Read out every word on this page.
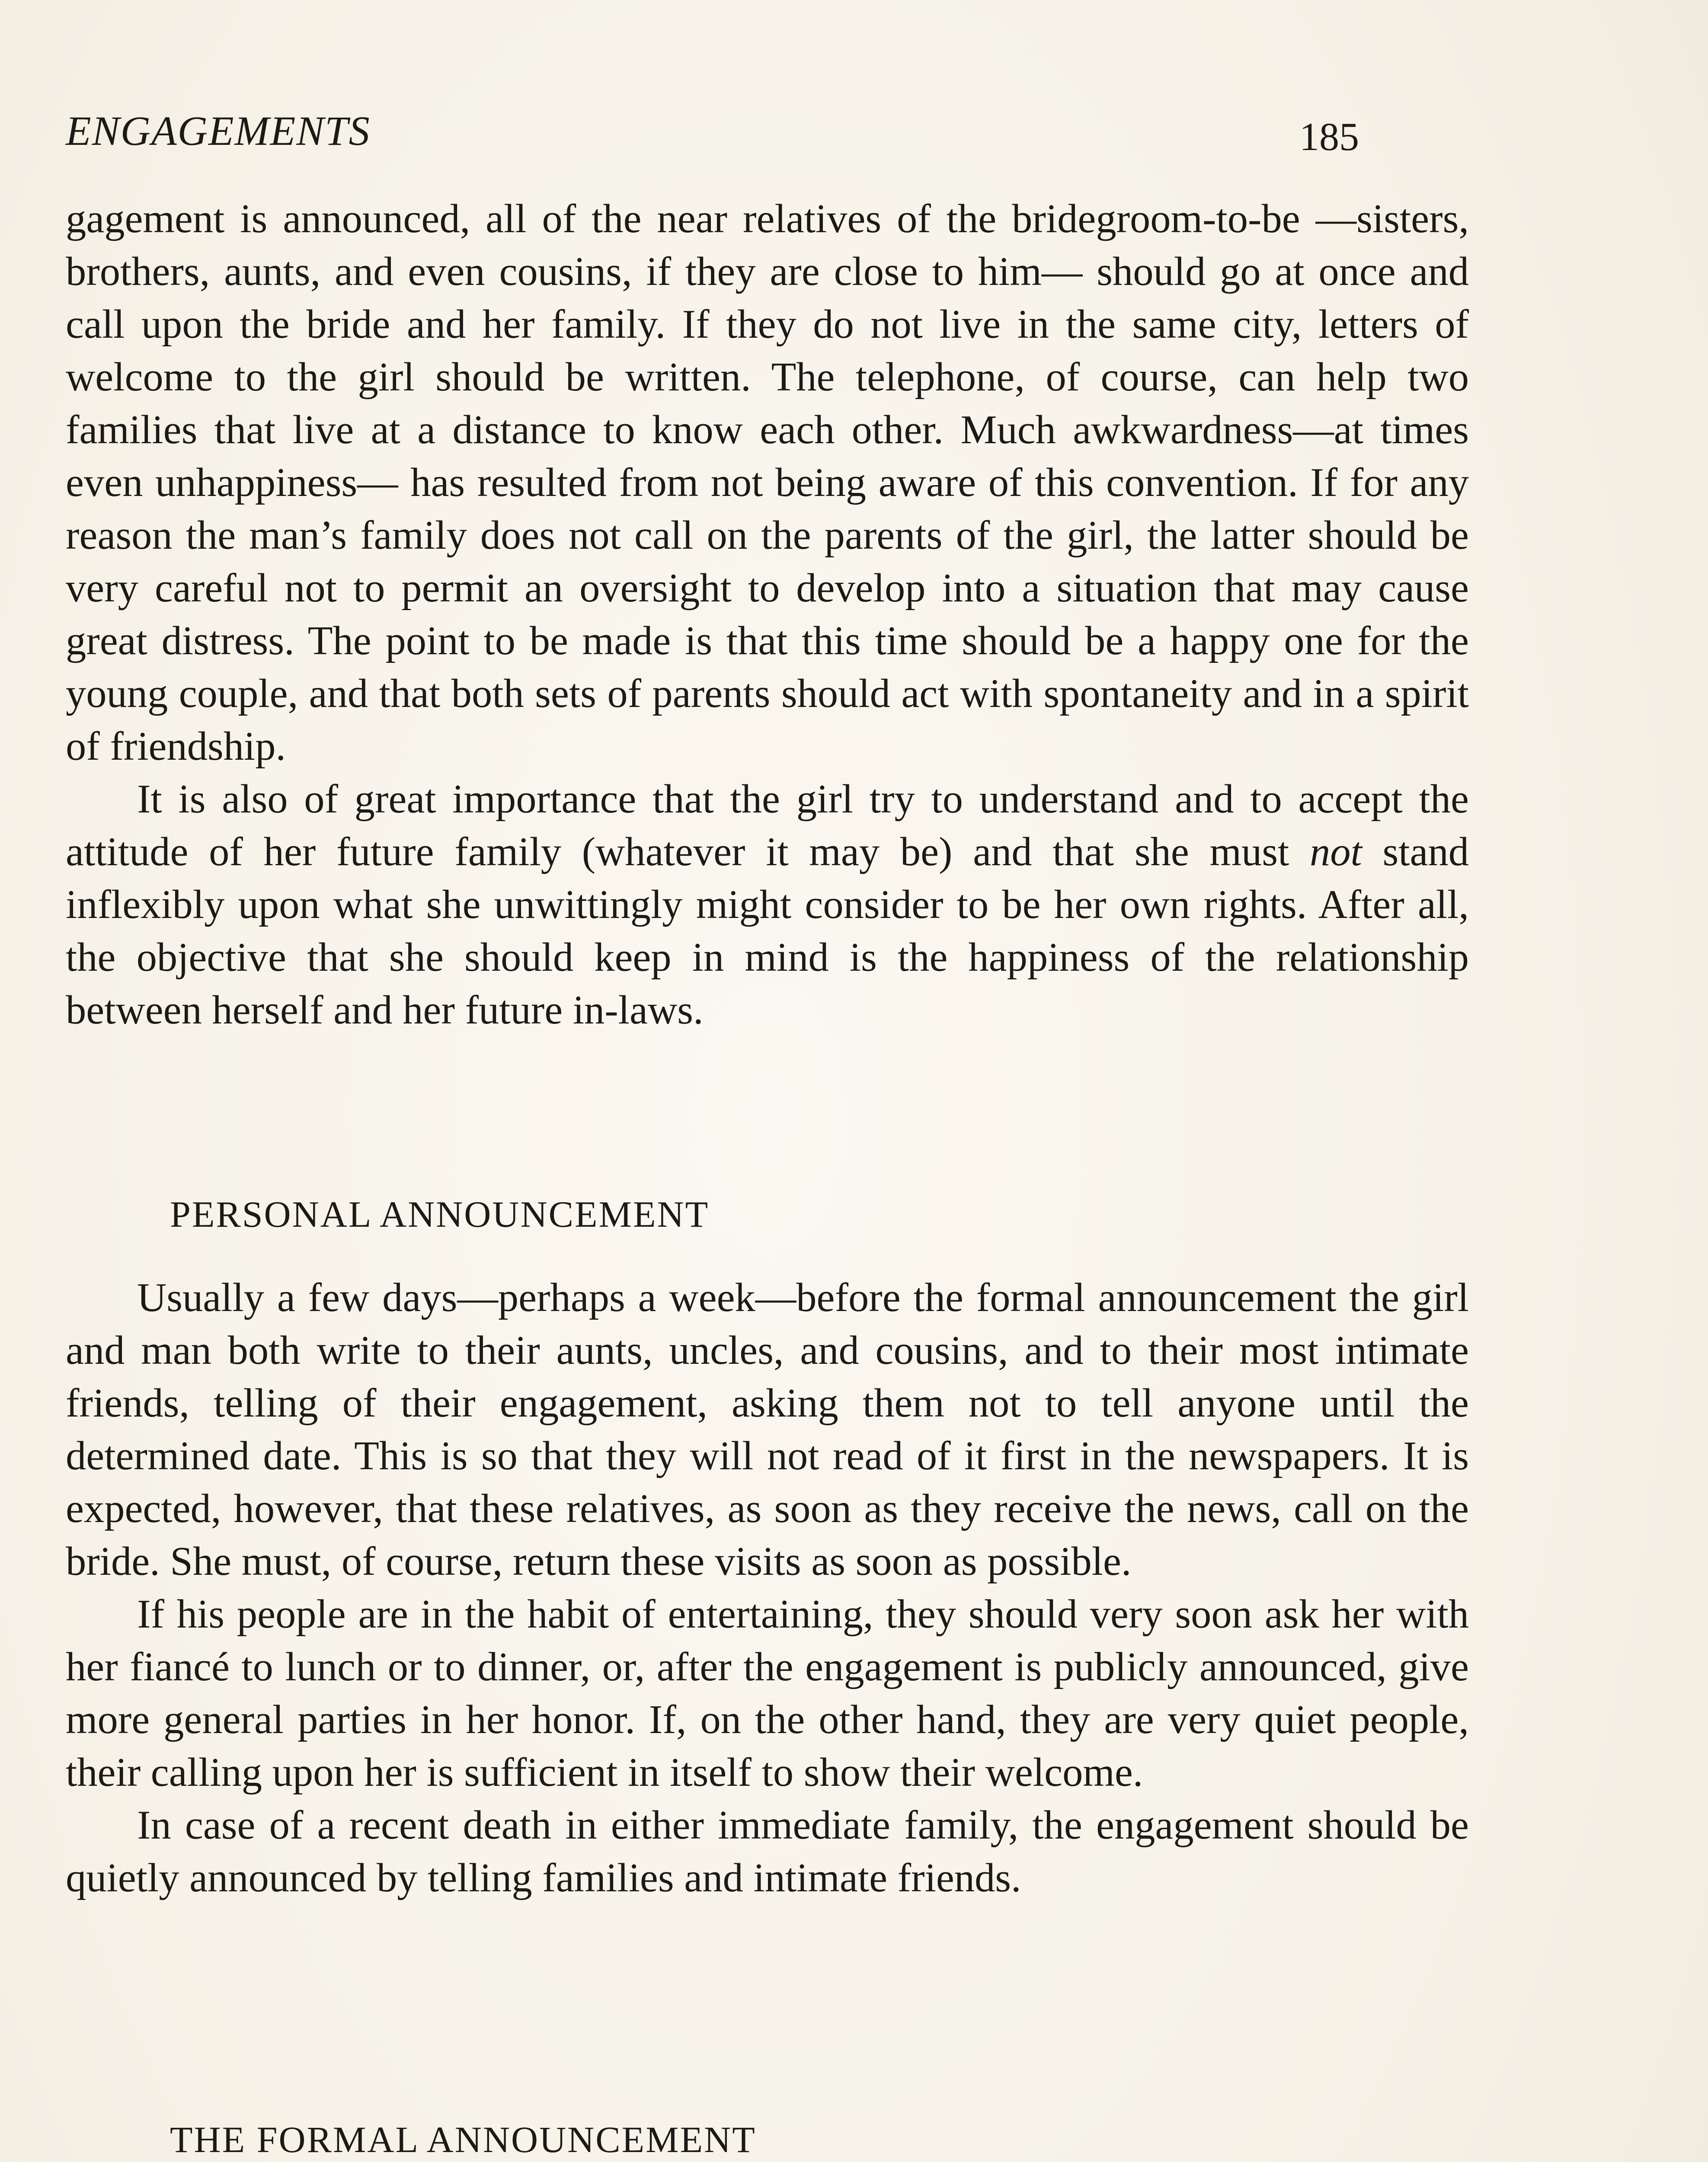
ENGAGEMENTS	185

gagement is announced, all of the near relatives of the bridegroom-to-be —sisters, brothers, aunts, and even cousins, if they are close to him— should go at once and call upon the bride and her family. If they do not live in the same city, letters of welcome to the girl should be written. The telephone, of course, can help two families that live at a distance to know each other. Much awkwardness—at times even unhappiness— has resulted from not being aware of this convention. If for any reason the man’s family does not call on the parents of the girl, the latter should be very careful not to permit an oversight to develop into a situation that may cause great distress. The point to be made is that this time should be a happy one for the young couple, and that both sets of parents should act with spontaneity and in a spirit of friendship.

It is also of great importance that the girl try to understand and to accept the attitude of her future family (whatever it may be) and that she must not stand inflexibly upon what she unwittingly might consider to be her own rights. After all, the objective that she should keep in mind is the happiness of the relationship between herself and her future in-laws.

PERSONAL ANNOUNCEMENT

Usually a few days—perhaps a week—before the formal announcement the girl and man both write to their aunts, uncles, and cousins, and to their most intimate friends, telling of their engagement, asking them not to tell anyone until the determined date. This is so that they will not read of it first in the newspapers. It is expected, however, that these relatives, as soon as they receive the news, call on the bride. She must, of course, return these visits as soon as possible.

If his people are in the habit of entertaining, they should very soon ask her with her fiancé to lunch or to dinner, or, after the engagement is publicly announced, give more general parties in her honor. If, on the other hand, they are very quiet people, their calling upon her is sufficient in itself to show their welcome.

In case of a recent death in either immediate family, the engagement should be quietly announced by telling families and intimate friends.

THE FORMAL ANNOUNCEMENT
